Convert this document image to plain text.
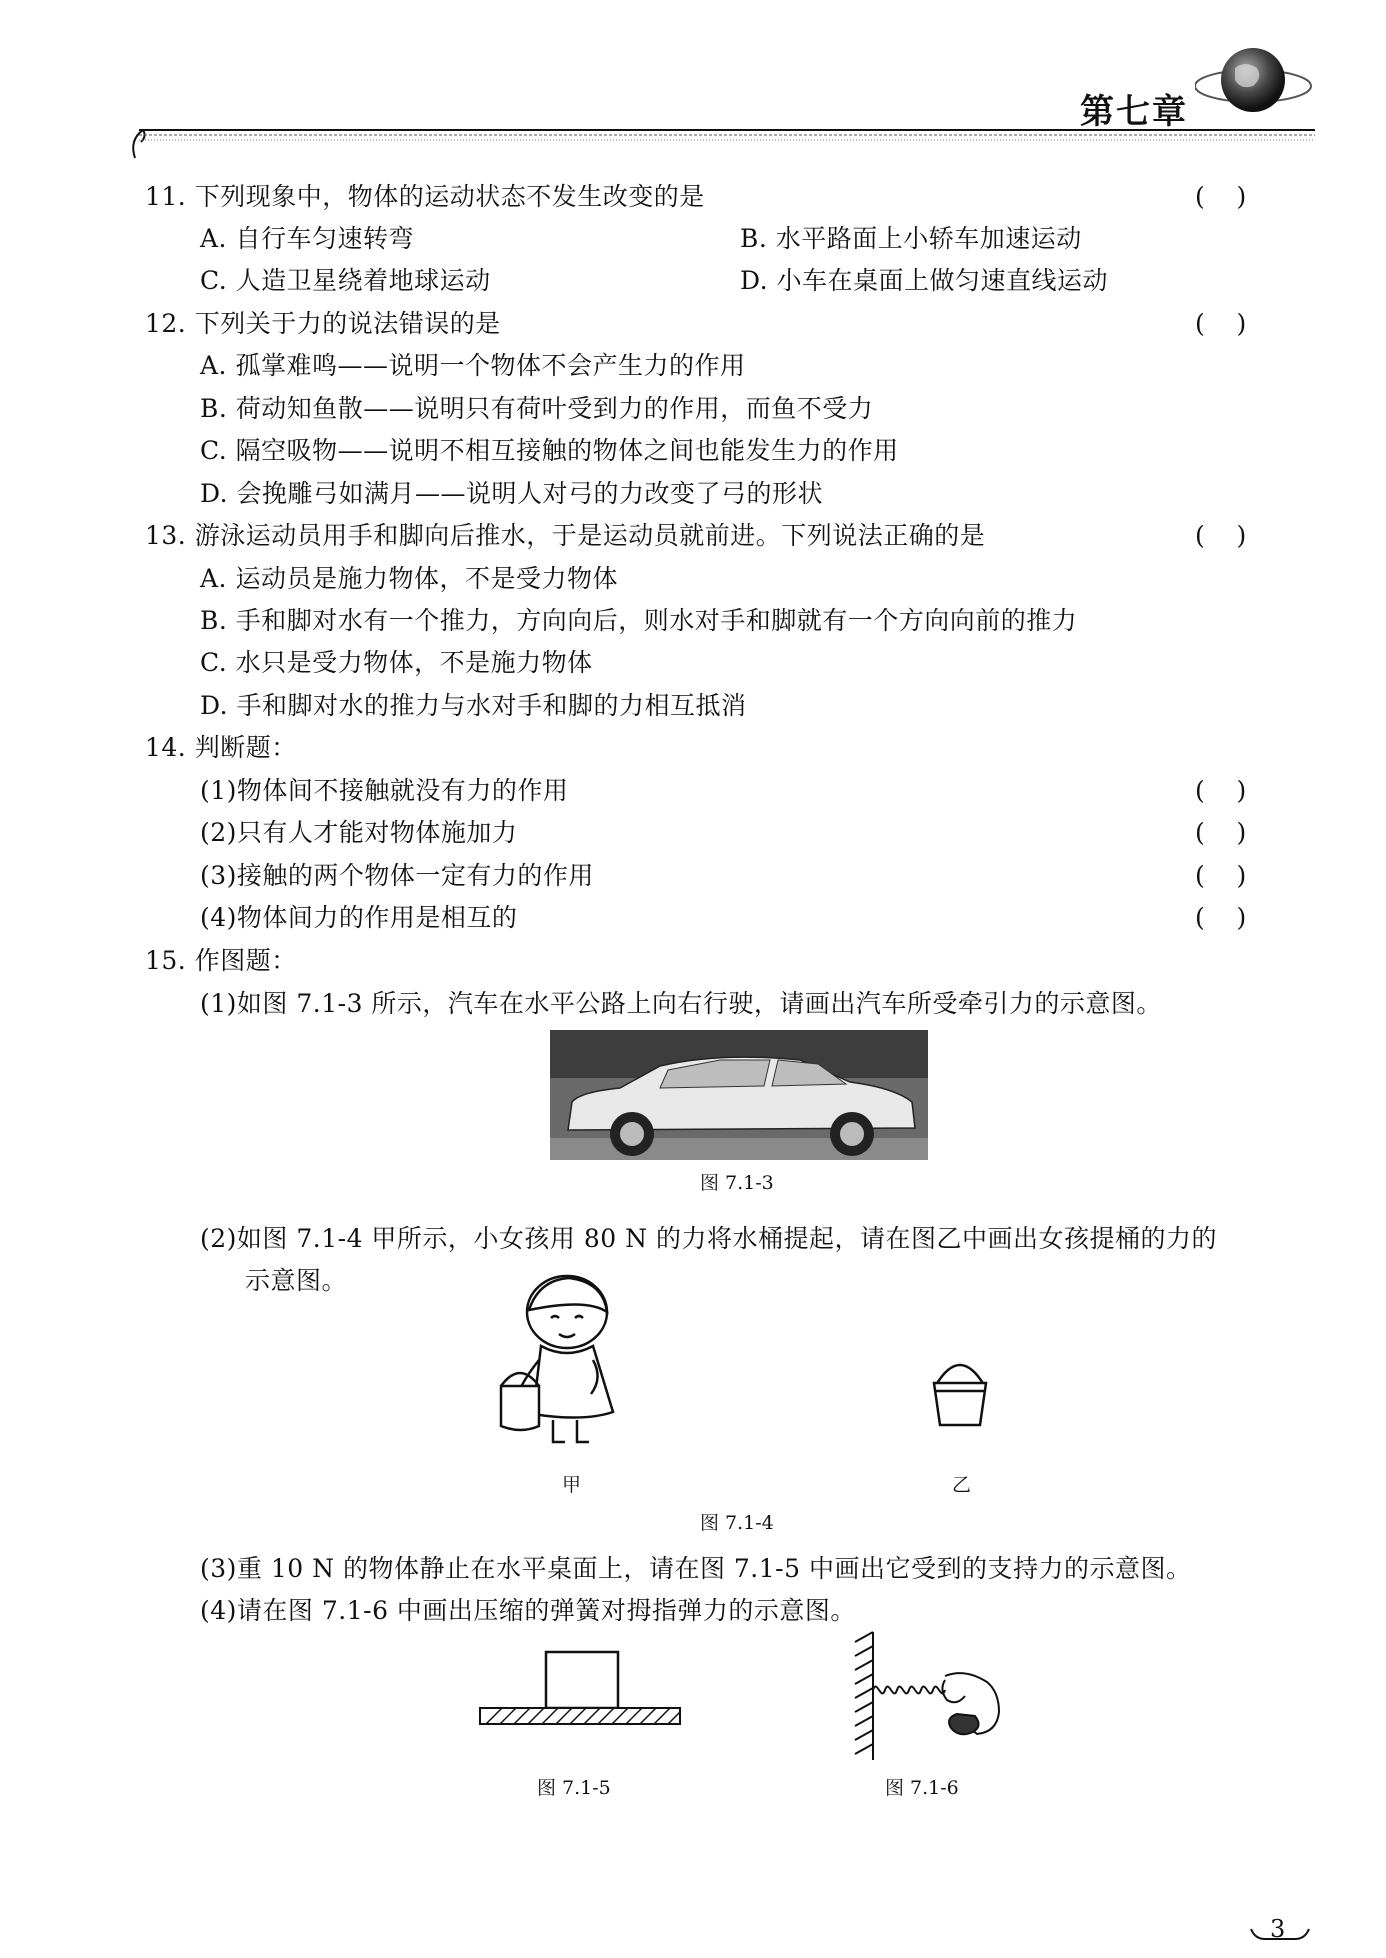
第七章
11. 下列现象中，物体的运动状态不发生改变的是	(    )
A. 自行车匀速转弯	B. 水平路面上小轿车加速运动
C. 人造卫星绕着地球运动	D. 小车在桌面上做匀速直线运动
12. 下列关于力的说法错误的是	(    )
A. 孤掌难鸣——说明一个物体不会产生力的作用
B. 荷动知鱼散——说明只有荷叶受到力的作用，而鱼不受力
C. 隔空吸物——说明不相互接触的物体之间也能发生力的作用
D. 会挽雕弓如满月——说明人对弓的力改变了弓的形状
13. 游泳运动员用手和脚向后推水，于是运动员就前进。下列说法正确的是	(    )
A. 运动员是施力物体，不是受力物体
B. 手和脚对水有一个推力，方向向后，则水对手和脚就有一个方向向前的推力
C. 水只是受力物体，不是施力物体
D. 手和脚对水的推力与水对手和脚的力相互抵消
14. 判断题：
(1)物体间不接触就没有力的作用	(    )
(2)只有人才能对物体施加力	(    )
(3)接触的两个物体一定有力的作用	(    )
(4)物体间力的作用是相互的	(    )
15. 作图题：
(1)如图 7.1-3 所示，汽车在水平公路上向右行驶，请画出汽车所受牵引力的示意图。
图 7.1-3
(2)如图 7.1-4 甲所示，小女孩用 80 N 的力将水桶提起，请在图乙中画出女孩提桶的力的
示意图。
甲	乙
图 7.1-4
(3)重 10 N 的物体静止在水平桌面上，请在图 7.1-5 中画出它受到的支持力的示意图。
(4)请在图 7.1-6 中画出压缩的弹簧对拇指弹力的示意图。
图 7.1-5	图 7.1-6
3
